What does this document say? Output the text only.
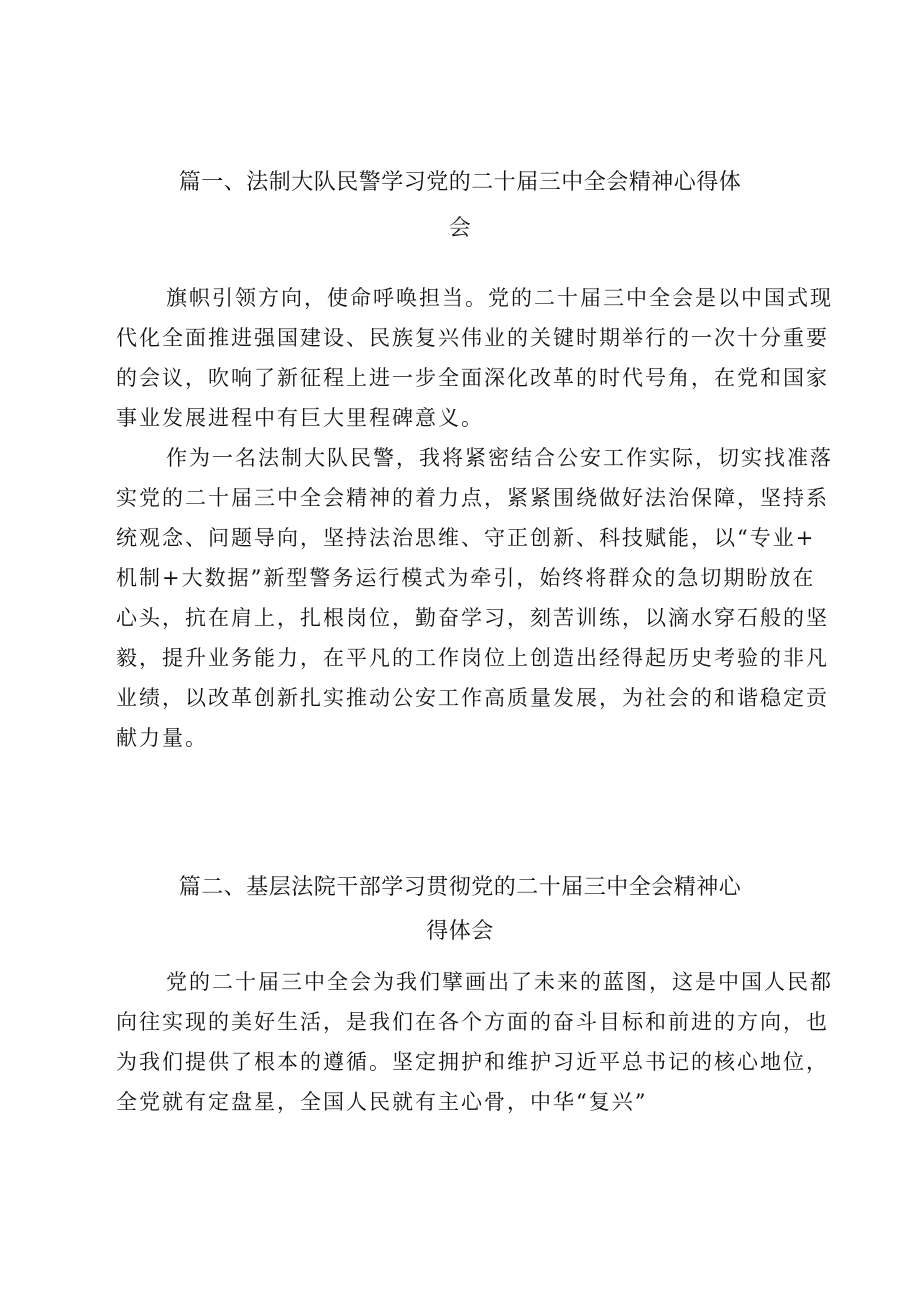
篇一、法制大队民警学习党的二十届三中全会精神心得体
会

旗帜引领方向，使命呼唤担当。党的二十届三中全会是以中国式现
代化全面推进强国建设、民族复兴伟业的关键时期举行的一次十分重要
的会议，吹响了新征程上进一步全面深化改革的时代号角，在党和国家
事业发展进程中有巨大里程碑意义。

作为一名法制大队民警，我将紧密结合公安工作实际，切实找准落
实党的二十届三中全会精神的着力点，紧紧围绕做好法治保障，坚持系
统观念、问题导向，坚持法治思维、守正创新、科技赋能，以“专业+
机制+大数据”新型警务运行模式为牵引，始终将群众的急切期盼放在
心头，抗在肩上，扎根岗位，勤奋学习，刻苦训练，以滴水穿石般的坚
毅，提升业务能力，在平凡的工作岗位上创造出经得起历史考验的非凡
业绩，以改革创新扎实推动公安工作高质量发展，为社会的和谐稳定贡
献力量。

篇二、基层法院干部学习贯彻党的二十届三中全会精神心
得体会

党的二十届三中全会为我们擘画出了未来的蓝图，这是中国人民都
向往实现的美好生活，是我们在各个方面的奋斗目标和前进的方向，也
为我们提供了根本的遵循。坚定拥护和维护习近平总书记的核心地位，
全党就有定盘星，全国人民就有主心骨，中华“复兴”
